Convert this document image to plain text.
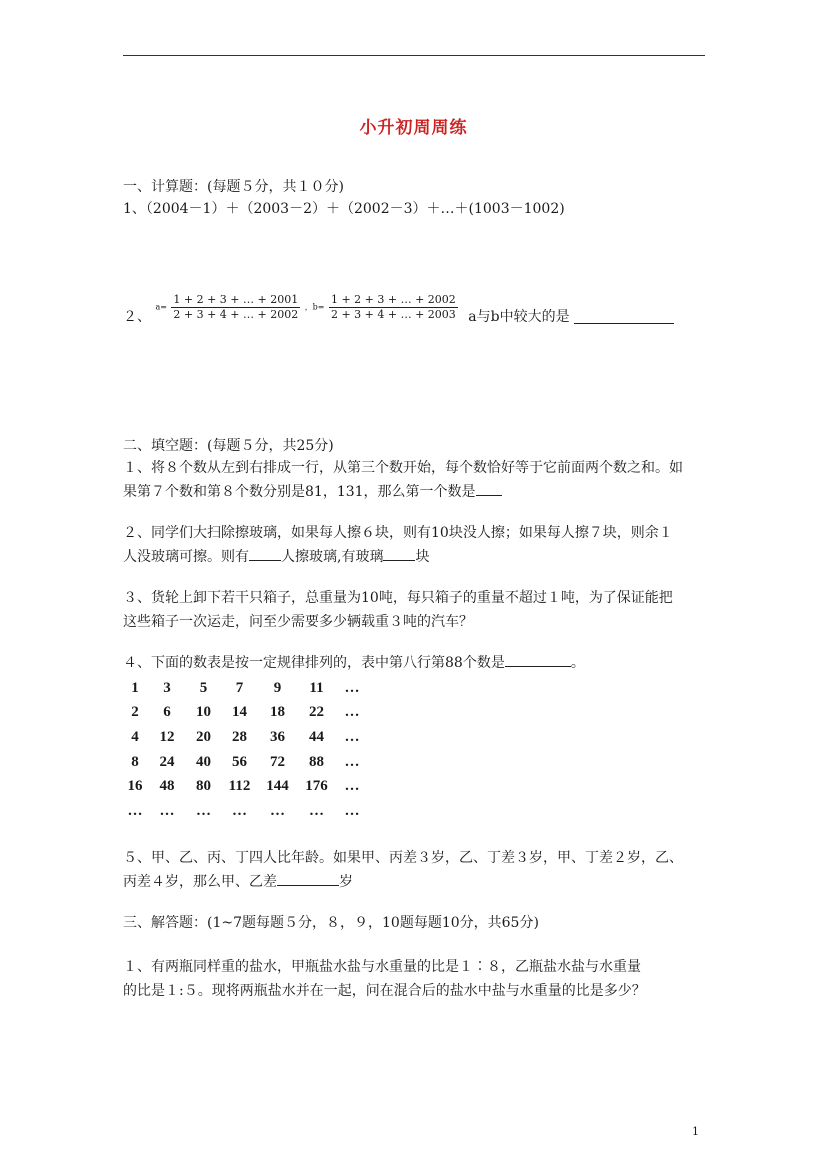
小升初周周练
一、计算题：(每题５分，共１０分)
1、（2004－1）＋（2003－2）＋（2002－3）＋…＋(1003－1002)
２、 $a= \frac{1 + 2 + 3 + \dots + 2001}{2 + 3 + 4 + \dots + 2002}$ ，$b= \frac{1 + 2 + 3 + \dots + 2002}{2 + 3 + 4 + \dots + 2003}$ a与b中较大的是
二、填空题：(每题５分，共25分)
１、将８个数从左到右排成一行，从第三个数开始，每个数恰好等于它前面两个数之和。如
果第７个数和第８个数分别是81，131，那么第一个数是
２、同学们大扫除擦玻璃，如果每人擦６块，则有10块没人擦；如果每人擦７块，则余１
人没玻璃可擦。则有 人擦玻璃,有玻璃 块
３、货轮上卸下若干只箱子，总重量为10吨，每只箱子的重量不超过１吨，为了保证能把
这些箱子一次运走，问至少需要多少辆载重３吨的汽车？
４、下面的数表是按一定规律排列的，表中第八行第88个数是	。
1	3	5	7	9	11	…
2	6	10	14	18	22	…
4	12	20	28	36	44	…
8	24	40	56	72	88	…
16	48	80	112	144	176	…
…	…	…	…	…	…	…
５、甲、乙、丙、丁四人比年龄。如果甲、丙差３岁，乙、丁差３岁，甲、丁差２岁，乙、
丙差４岁，那么甲、乙差	岁
三、解答题：(1~7题每题５分，８，９，10题每题10分，共65分)
１、有两瓶同样重的盐水，甲瓶盐水盐与水重量的比是１∶８，乙瓶盐水盐与水重量
的比是１:５。现将两瓶盐水并在一起，问在混合后的盐水中盐与水重量的比是多少？
1
